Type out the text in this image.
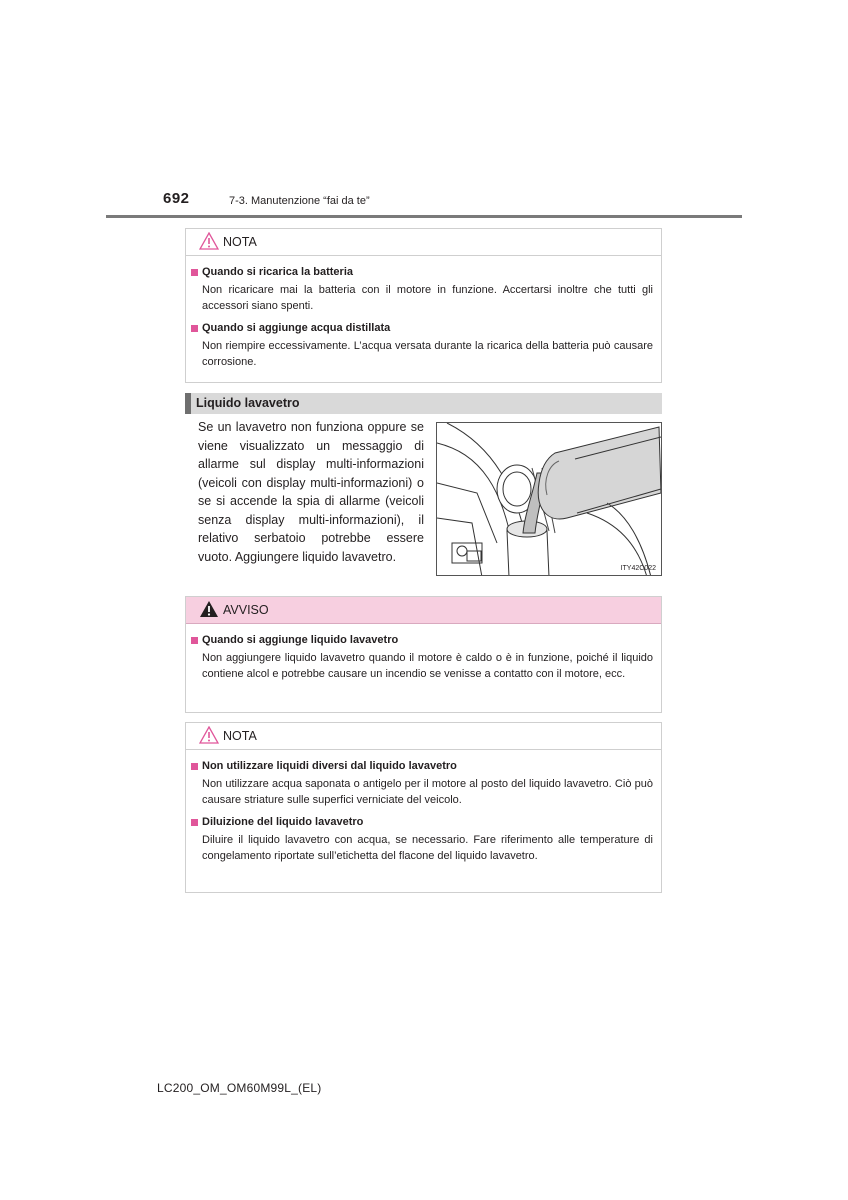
692	7-3. Manutenzione “fai da te”
NOTA
Quando si ricarica la batteria
Non ricaricare mai la batteria con il motore in funzione. Accertarsi inoltre che tutti gli accessori siano spenti.
Quando si aggiunge acqua distillata
Non riempire eccessivamente. L’acqua versata durante la ricarica della batteria può causare corrosione.
Liquido lavavetro
Se un lavavetro non funziona oppure se viene visualizzato un messaggio di allarme sul display multi-informazioni (veicoli con display multi-informazioni) o se si accende la spia di allarme (veicoli senza display multi-informazioni), il relativo serbatoio potrebbe essere vuoto. Aggiungere liquido lavavetro.
ITY42C022
AVVISO
Quando si aggiunge liquido lavavetro
Non aggiungere liquido lavavetro quando il motore è caldo o è in funzione, poiché il liquido contiene alcol e potrebbe causare un incendio se venisse a contatto con il motore, ecc.
NOTA
Non utilizzare liquidi diversi dal liquido lavavetro
Non utilizzare acqua saponata o antigelo per il motore al posto del liquido lavavetro. Ciò può causare striature sulle superfici verniciate del veicolo.
Diluizione del liquido lavavetro
Diluire il liquido lavavetro con acqua, se necessario. Fare riferimento alle temperature di congelamento riportate sull’etichetta del flacone del liquido lavavetro.
LC200_OM_OM60M99L_(EL)
